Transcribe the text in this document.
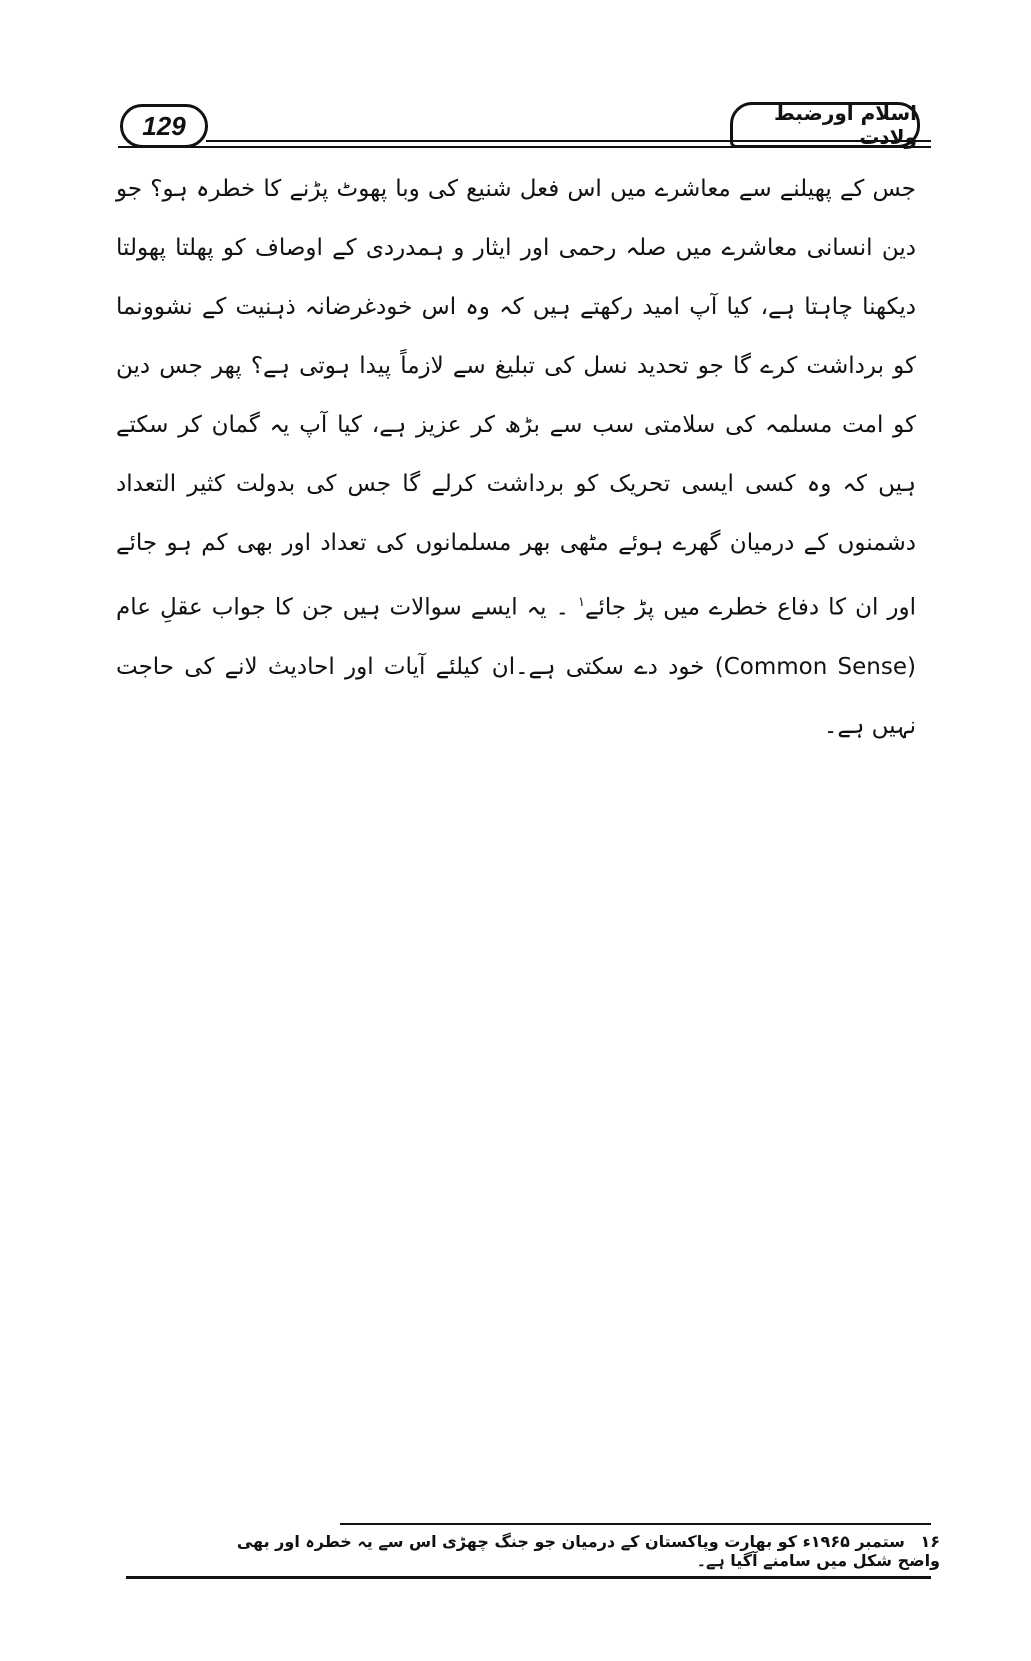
129	اسلام اورضبط ولادت

جس کے پھیلنے سے معاشرے میں اس فعل شنیع کی وبا پھوٹ پڑنے کا خطرہ ہو؟ جو دین انسانی معاشرے میں صلہ رحمی اور ایثار و ہمدردی کے اوصاف کو پھلتا پھولتا دیکھنا چاہتا ہے، کیا آپ امید رکھتے ہیں کہ وہ اس خودغرضانہ ذہنیت کے نشوونما کو برداشت کرے گا جو تحدید نسل کی تبلیغ سے لازماً پیدا ہوتی ہے؟ پھر جس دین کو امت مسلمہ کی سلامتی سب سے بڑھ کر عزیز ہے، کیا آپ یہ گمان کر سکتے ہیں کہ وہ کسی ایسی تحریک کو برداشت کرلے گا جس کی بدولت کثیر التعداد دشمنوں کے درمیان گھرے ہوئے مٹھی بھر مسلمانوں کی تعداد اور بھی کم ہو جائے اور ان کا دفاع خطرے میں پڑ جائے$^۱$ ۔ یہ ایسے سوالات ہیں جن کا جواب عقلِ عام (Common Sense) خود دے سکتی ہے۔ان کیلئے آیات اور احادیث لانے کی حاجت نہیں ہے۔

۱۶ ستمبر ۱۹۶۵ء کو بھارت وپاکستان کے درمیان جو جنگ چھڑی اس سے یہ خطرہ اور بھی واضح شکل میں سامنے آگیا ہے۔
